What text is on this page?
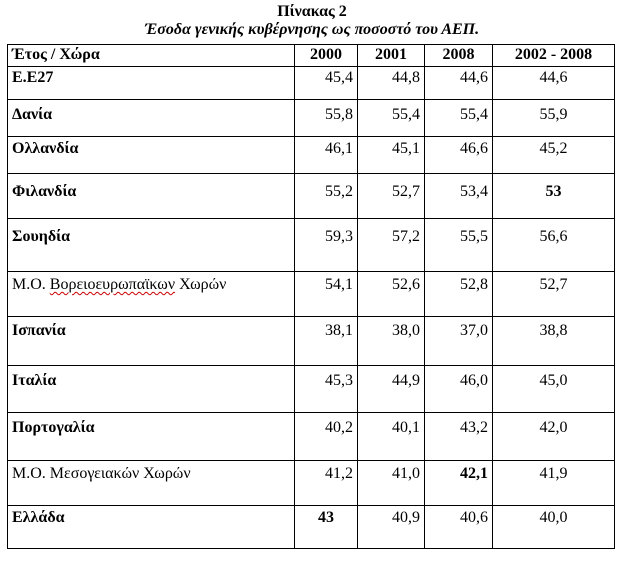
Πίνακας 2
Έσοδα γενικής κυβέρνησης ως ποσοστό του ΑΕΠ.
Έτος / Χώρα	2000	2001	2008	2002 - 2008
Ε.Ε27	45,4	44,8	44,6	44,6
Δανία	55,8	55,4	55,4	55,9
Ολλανδία	46,1	45,1	46,6	45,2
Φιλανδία	55,2	52,7	53,4	53
Σουηδία	59,3	57,2	55,5	56,6
Μ.Ο. Βορειοευρωπαϊκων Χωρών	54,1	52,6	52,8	52,7
Ισπανία	38,1	38,0	37,0	38,8
Ιταλία	45,3	44,9	46,0	45,0
Πορτογαλία	40,2	40,1	43,2	42,0
Μ.Ο. Μεσογειακών Χωρών	41,2	41,0	42,1	41,9
Ελλάδα	43	40,9	40,6	40,0
